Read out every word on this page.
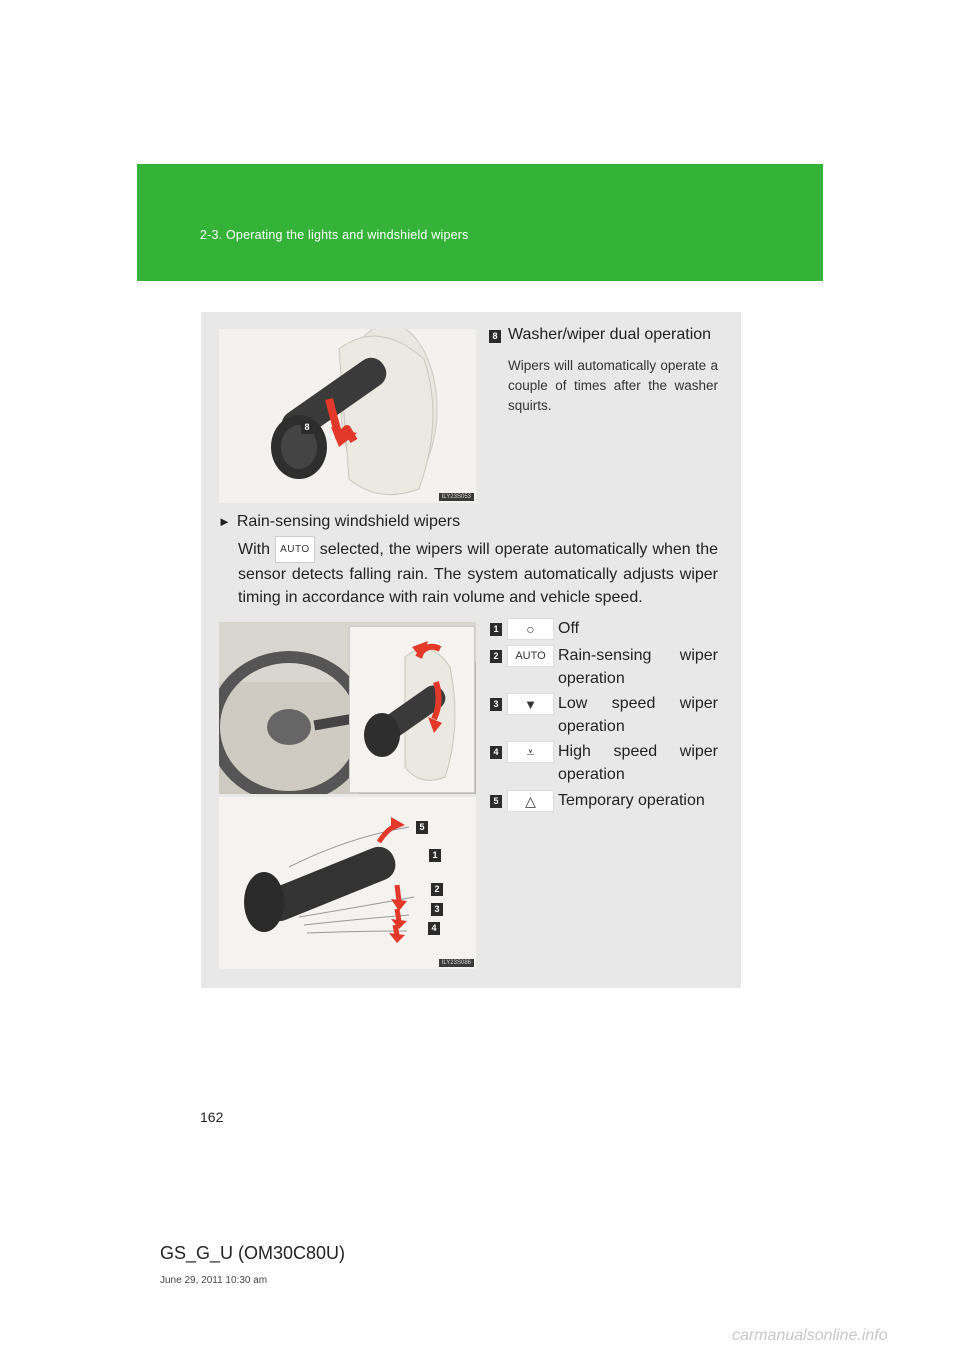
2-3. Operating the lights and windshield wipers
8
ILY23S053
8 Washer/wiper dual operation
Wipers will automatically operate a couple of times after the washer squirts.
► Rain-sensing windshield wipers
With AUTO selected, the wipers will operate automatically when the sensor detects falling rain. The system automatically adjusts wiper timing in accordance with rain volume and vehicle speed.
5
1
2
3
4
ILY23S086
1	○	Off
2	AUTO Rain-sensing wiper operation
3	▼	Low speed wiper operation
4	⩡	High speed wiper operation
5	△	Temporary operation
162
GS_G_U (OM30C80U)
June 29, 2011 10:30 am
carmanualsonline.info
